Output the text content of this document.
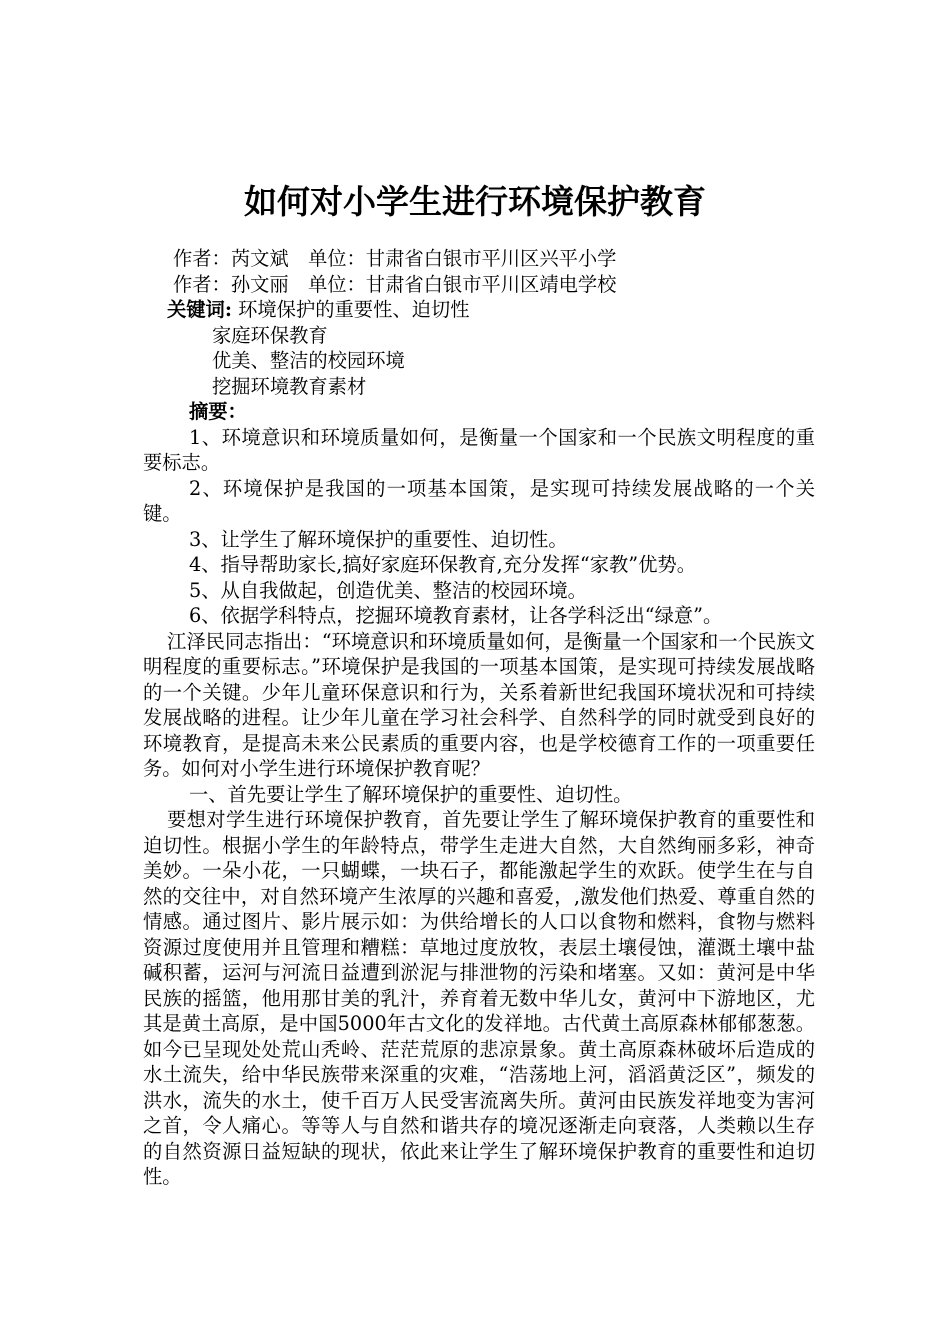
如何对小学生进行环境保护教育
作者：芮文斌　单位：甘肃省白银市平川区兴平小学
作者：孙文丽　单位：甘肃省白银市平川区靖电学校
关键词: 环境保护的重要性、迫切性
家庭环保教育
优美、整洁的校园环境
挖掘环境教育素材
摘要：

1、环境意识和环境质量如何，是衡量一个国家和一个民族文明程度的重要标志。

2、环境保护是我国的一项基本国策，是实现可持续发展战略的一个关键。

3、让学生了解环境保护的重要性、迫切性。

4、指导帮助家长,搞好家庭环保教育,充分发挥“家教”优势。

5、从自我做起，创造优美、整洁的校园环境。

6、依据学科特点，挖掘环境教育素材，让各学科泛出“绿意”。

江泽民同志指出：“环境意识和环境质量如何，是衡量一个国家和一个民族文明程度的重要标志。”环境保护是我国的一项基本国策，是实现可持续发展战略的一个关键。少年儿童环保意识和行为，关系着新世纪我国环境状况和可持续发展战略的进程。让少年儿童在学习社会科学、自然科学的同时就受到良好的环境教育，是提高未来公民素质的重要内容，也是学校德育工作的一项重要任务。如何对小学生进行环境保护教育呢？

一、首先要让学生了解环境保护的重要性、迫切性。

要想对学生进行环境保护教育，首先要让学生了解环境保护教育的重要性和迫切性。根据小学生的年龄特点，带学生走进大自然，大自然绚丽多彩，神奇美妙。一朵小花，一只蝴蝶，一块石子，都能激起学生的欢跃。使学生在与自然的交往中，对自然环境产生浓厚的兴趣和喜爱，,激发他们热爱、尊重自然的情感。通过图片、影片展示如：为供给增长的人口以食物和燃料，食物与燃料资源过度使用并且管理和糟糕：草地过度放牧，表层土壤侵蚀，灌溉土壤中盐碱积蓄，运河与河流日益遭到淤泥与排泄物的污染和堵塞。又如：黄河是中华民族的摇篮，他用那甘美的乳汁，养育着无数中华儿女，黄河中下游地区，尤其是黄土高原，是中国5000年古文化的发祥地。古代黄土高原森林郁郁葱葱。如今已呈现处处荒山秃岭、茫茫荒原的悲凉景象。黄土高原森林破坏后造成的水土流失，给中华民族带来深重的灾难，“浩荡地上河，滔滔黄泛区”，频发的洪水，流失的水土，使千百万人民受害流离失所。黄河由民族发祥地变为害河之首，令人痛心。等等人与自然和谐共存的境况逐渐走向衰落，人类赖以生存的自然资源日益短缺的现状，依此来让学生了解环境保护教育的重要性和迫切性。
